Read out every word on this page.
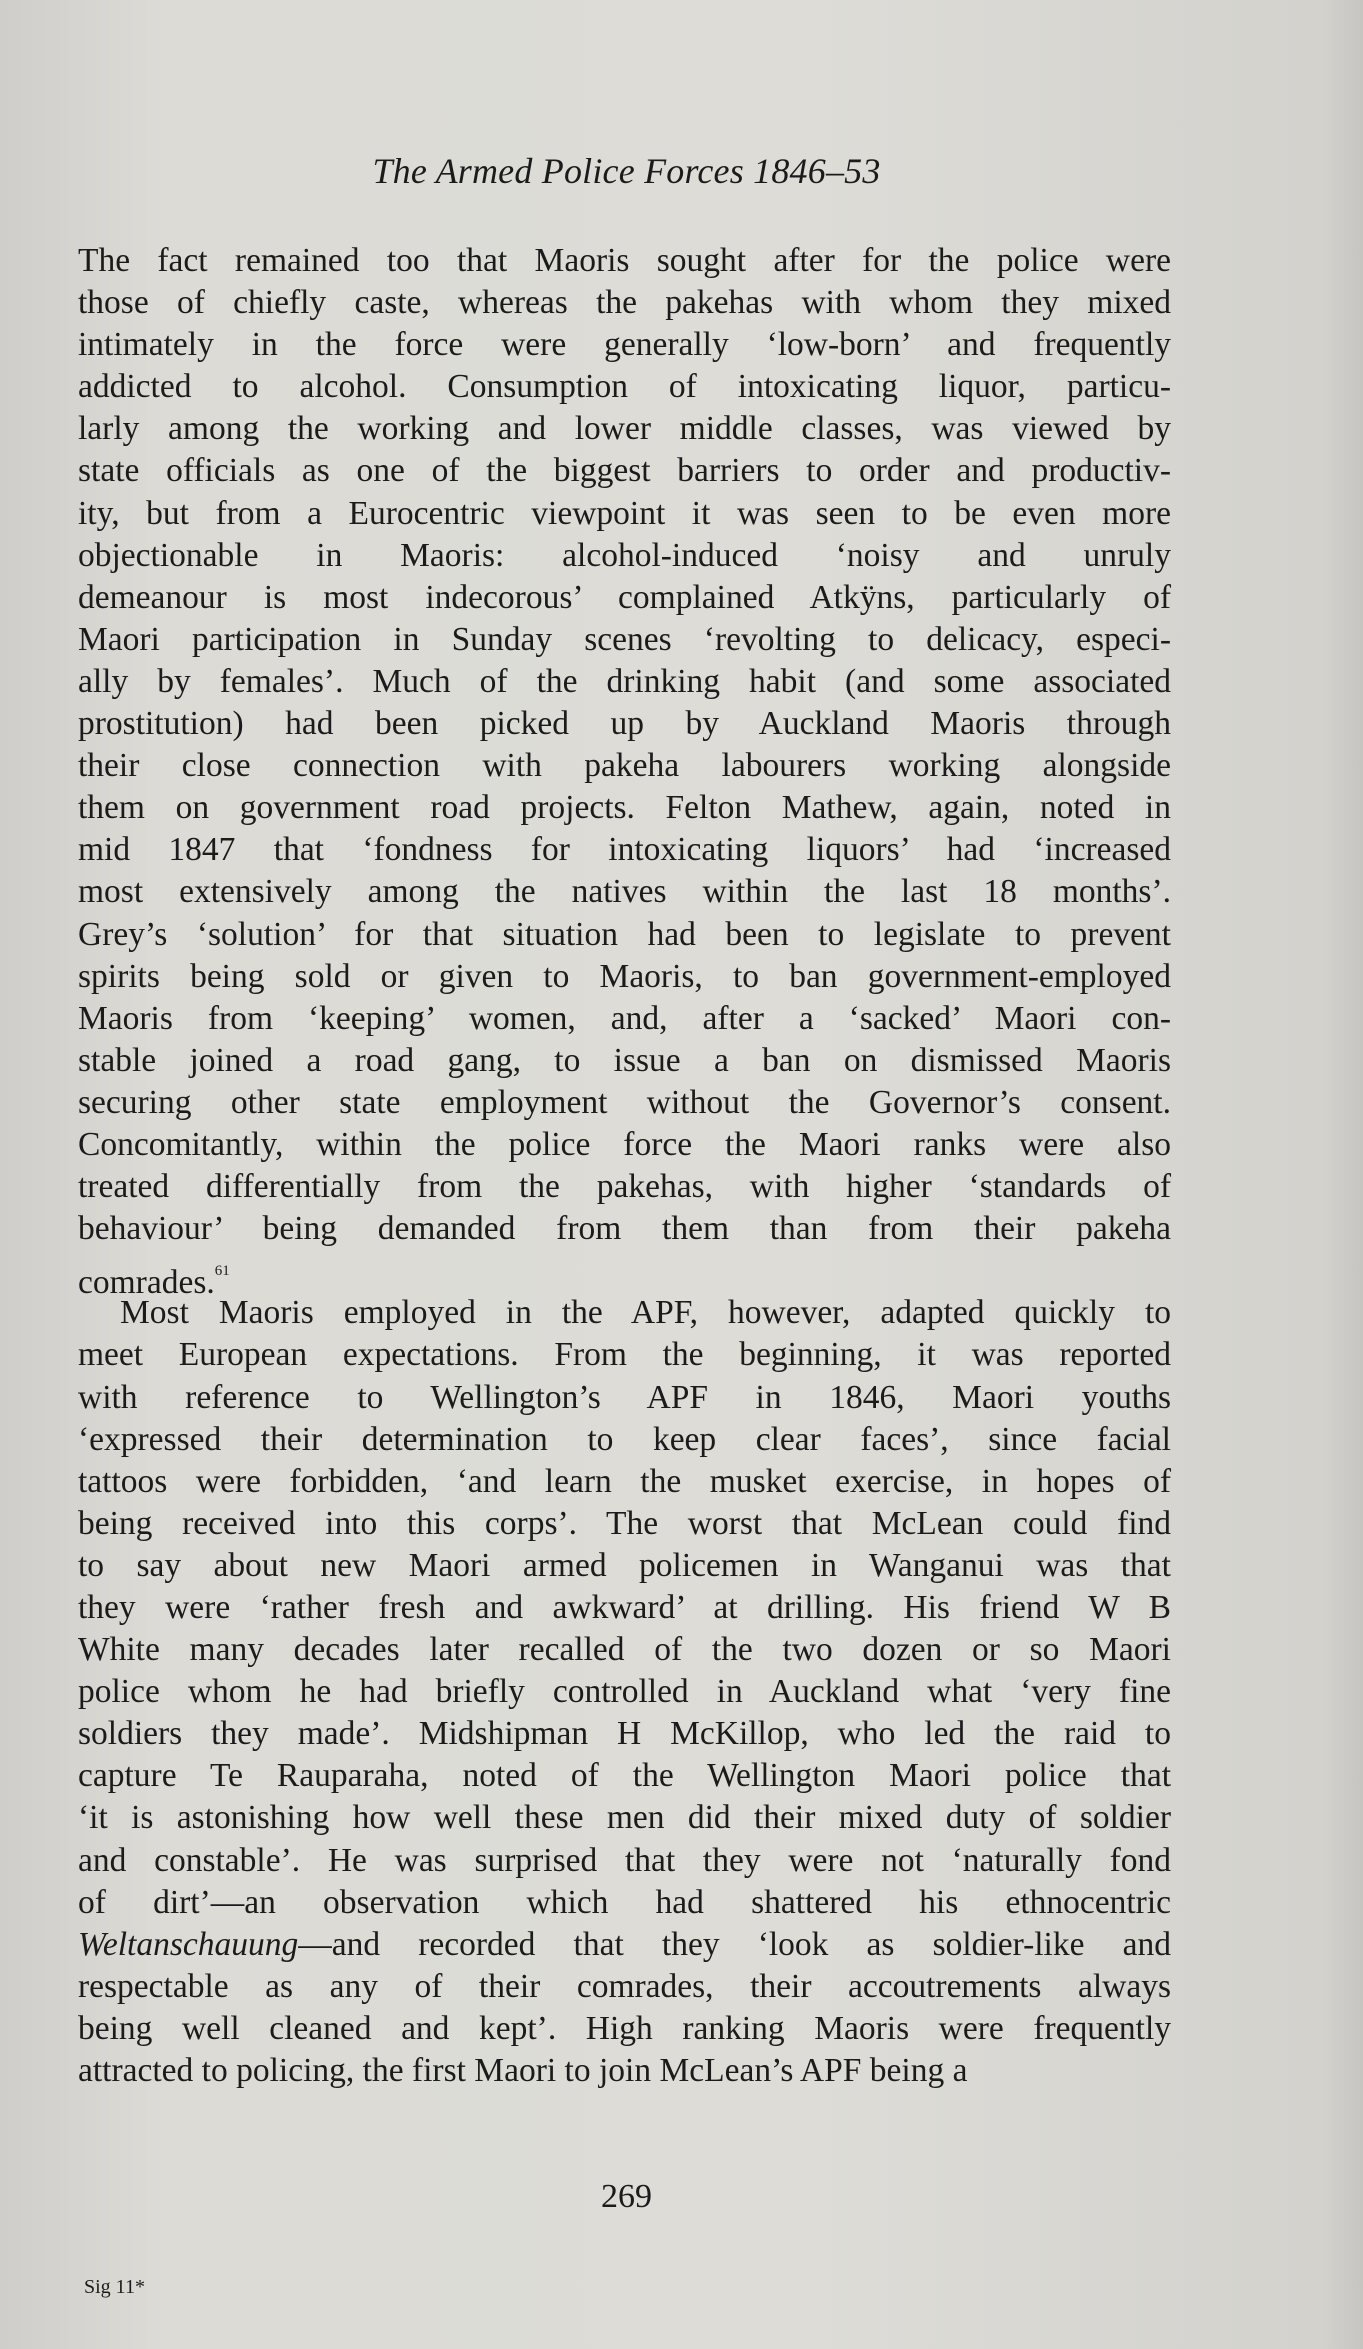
The Armed Police Forces 1846–53
The fact remained too that Maoris sought after for the police were
those of chiefly caste, whereas the pakehas with whom they mixed
intimately in the force were generally ‘low-born’ and frequently
addicted to alcohol. Consumption of intoxicating liquor, particu-
larly among the working and lower middle classes, was viewed by
state officials as one of the biggest barriers to order and productiv-
ity, but from a Eurocentric viewpoint it was seen to be even more
objectionable in Maoris: alcohol-induced ‘noisy and unruly
demeanour is most indecorous’ complained Atkÿns, particularly of
Maori participation in Sunday scenes ‘revolting to delicacy, especi-
ally by females’. Much of the drinking habit (and some associated
prostitution) had been picked up by Auckland Maoris through
their close connection with pakeha labourers working alongside
them on government road projects. Felton Mathew, again, noted in
mid 1847 that ‘fondness for intoxicating liquors’ had ‘increased
most extensively among the natives within the last 18 months’.
Grey’s ‘solution’ for that situation had been to legislate to prevent
spirits being sold or given to Maoris, to ban government-employed
Maoris from ‘keeping’ women, and, after a ‘sacked’ Maori con-
stable joined a road gang, to issue a ban on dismissed Maoris
securing other state employment without the Governor’s consent.
Concomitantly, within the police force the Maori ranks were also
treated differentially from the pakehas, with higher ‘standards of
behaviour’ being demanded from them than from their pakeha
comrades.$^{61}$
Most Maoris employed in the APF, however, adapted quickly to
meet European expectations. From the beginning, it was reported
with reference to Wellington’s APF in 1846, Maori youths
‘expressed their determination to keep clear faces’, since facial
tattoos were forbidden, ‘and learn the musket exercise, in hopes of
being received into this corps’. The worst that McLean could find
to say about new Maori armed policemen in Wanganui was that
they were ‘rather fresh and awkward’ at drilling. His friend W B
White many decades later recalled of the two dozen or so Maori
police whom he had briefly controlled in Auckland what ‘very fine
soldiers they made’. Midshipman H McKillop, who led the raid to
capture Te Rauparaha, noted of the Wellington Maori police that
‘it is astonishing how well these men did their mixed duty of soldier
and constable’. He was surprised that they were not ‘naturally fond
of dirt’—an observation which had shattered his ethnocentric
Weltanschauung—and recorded that they ‘look as soldier-like and
respectable as any of their comrades, their accoutrements always
being well cleaned and kept’. High ranking Maoris were frequently
attracted to policing, the first Maori to join McLean’s APF being a
269
Sig 11*
